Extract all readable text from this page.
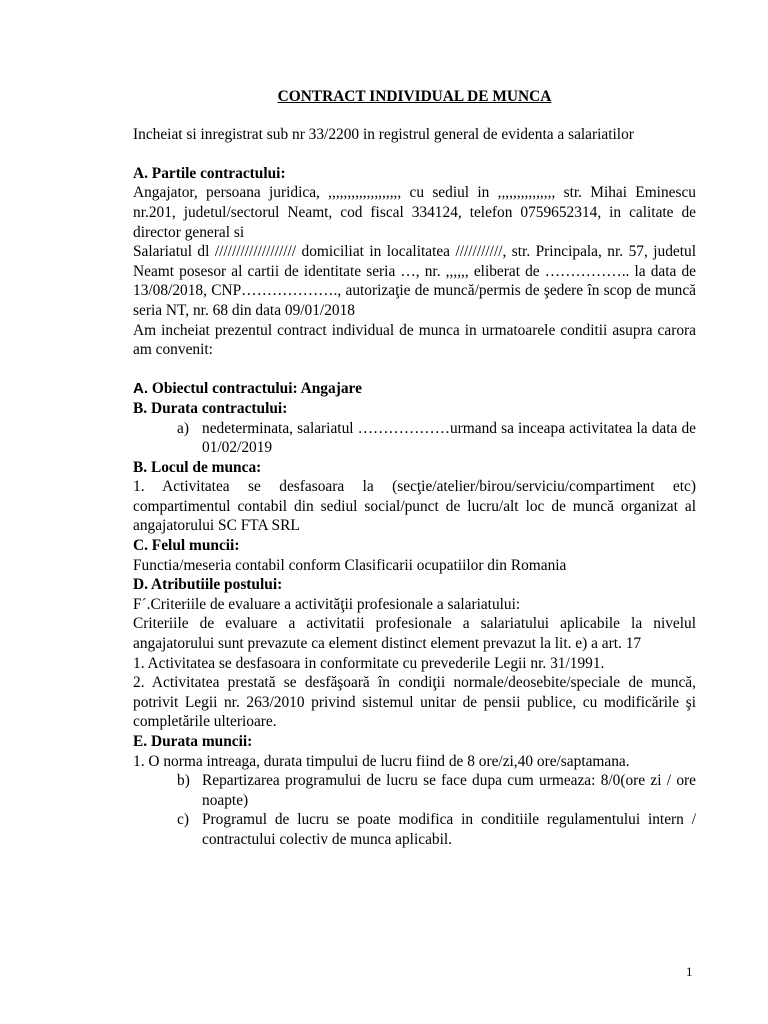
CONTRACT INDIVIDUAL DE MUNCA

Incheiat si inregistrat sub nr 33/2200 in registrul general de evidenta a salariatilor

A. Partile contractului:

Angajator, persoana juridica, ,,,,,,,,,,,,,,,,,,, cu sediul in ,,,,,,,,,,,,,,, str. Mihai Eminescu nr.201, judetul/sectorul Neamt, cod fiscal 334124, telefon 0759652314, in calitate de director general si

Salariatul dl /////////////////// domiciliat in localitatea ///////////, str. Principala, nr. 57, judetul Neamt posesor al cartii de identitate seria …, nr. ,,,,,, eliberat de …………….. la data de 13/08/2018, CNP………………., autorizaţie de muncă/permis de şedere în scop de muncă seria NT, nr. 68 din data 09/01/2018

Am incheiat prezentul contract individual de munca in urmatoarele conditii asupra carora am convenit:

A. Obiectul contractului: Angajare

B. Durata contractului:

a) nedeterminata, salariatul ………………urmand sa inceapa activitatea la data de 01/02/2019

B. Locul de munca:

1. Activitatea se desfasoara la (secţie/atelier/birou/serviciu/compartiment etc) compartimentul contabil din sediul social/punct de lucru/alt loc de muncă organizat al angajatorului SC FTA SRL

C. Felul muncii:

Functia/meseria contabil conform Clasificarii ocupatiilor din Romania

D. Atributiile postului:

F´.Criteriile de evaluare a activităţii profesionale a salariatului:

Criteriile de evaluare a activitatii profesionale a salariatului aplicabile la nivelul angajatorului sunt prevazute ca element distinct element prevazut la lit. e) a art. 17

1. Activitatea se desfasoara in conformitate cu prevederile Legii nr. 31/1991.

2. Activitatea prestată se desfăşoară în condiţii normale/deosebite/speciale de muncă, potrivit Legii nr. 263/2010 privind sistemul unitar de pensii publice, cu modificările şi completările ulterioare.

E. Durata muncii:

1. O norma intreaga, durata timpului de lucru fiind de 8 ore/zi,40 ore/saptamana.

b) Repartizarea programului de lucru se face dupa cum urmeaza: 8/0(ore zi / ore noapte)

c) Programul de lucru se poate modifica in conditiile regulamentului intern / contractului colectiv de munca aplicabil.

1
